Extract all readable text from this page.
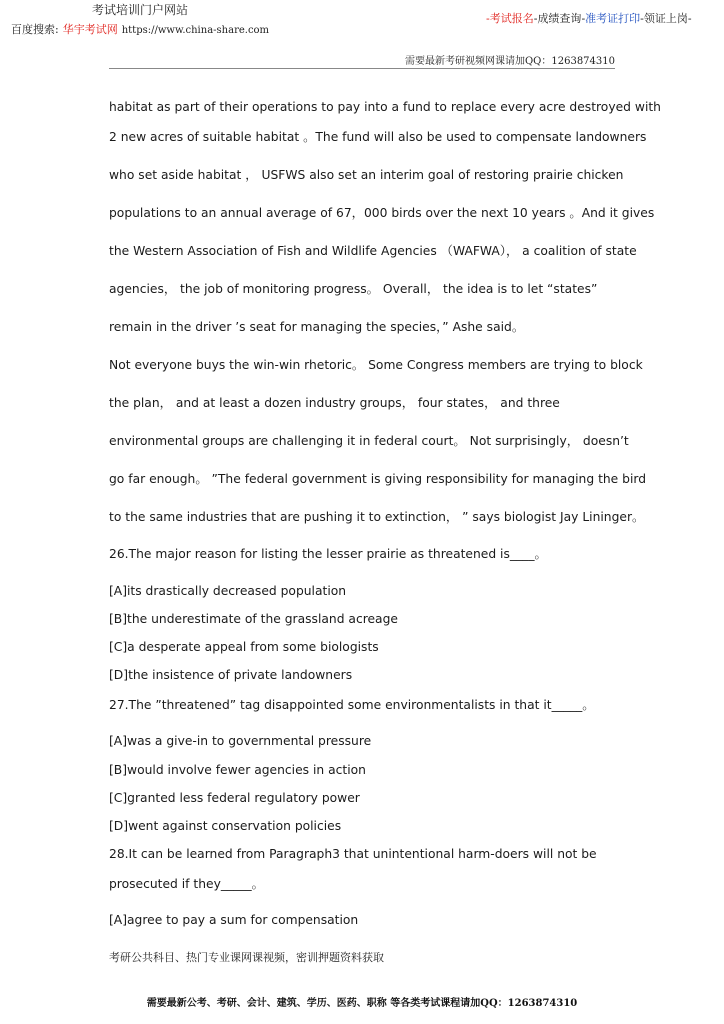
考试培训门户网站
百度搜索: 华宇考试网 https://www.china-share.com
-考试报名-成绩查询-准考证打印-领证上岗-
需要最新考研视频网课请加QQ：1263874310
habitat as part of their operations to pay into a fund to replace every acre destroyed with
2 new acres of suitable habitat 。The fund will also be used to compensate landowners
who set aside habitat ， USFWS also set an interim goal of restoring prairie chicken
populations to an annual average of 67，000 birds over the next 10 years 。And it gives
the Western Association of Fish and Wildlife Agencies （WAFWA）， a coalition of state
agencies， the job of monitoring progress。 Overall， the idea is to let “states”
remain in the driver ’s seat for managing the species，” Ashe said。
Not everyone buys the win-win rhetoric。 Some Congress members are trying to block
the plan， and at least a dozen industry groups， four states， and three
environmental groups are challenging it in federal court。 Not surprisingly， doesn’t
go far enough。 ”The federal government is giving responsibility for managing the bird
to the same industries that are pushing it to extinction， ” says biologist Jay Lininger。
26.The major reason for listing the lesser prairie as threatened is____。
[A]its drastically decreased population
[B]the underestimate of the grassland acreage
[C]a desperate appeal from some biologists
[D]the insistence of private landowners
27.The ”threatened” tag disappointed some environmentalists in that it_____。
[A]was a give-in to governmental pressure
[B]would involve fewer agencies in action
[C]granted less federal regulatory power
[D]went against conservation policies
28.It can be learned from Paragraph3 that unintentional harm-doers will not be
prosecuted if they_____。
[A]agree to pay a sum for compensation
考研公共科目、热门专业课网课视频，密训押题资料获取
需要最新公考、考研、会计、建筑、学历、医药、职称 等各类考试课程请加QQ：1263874310
